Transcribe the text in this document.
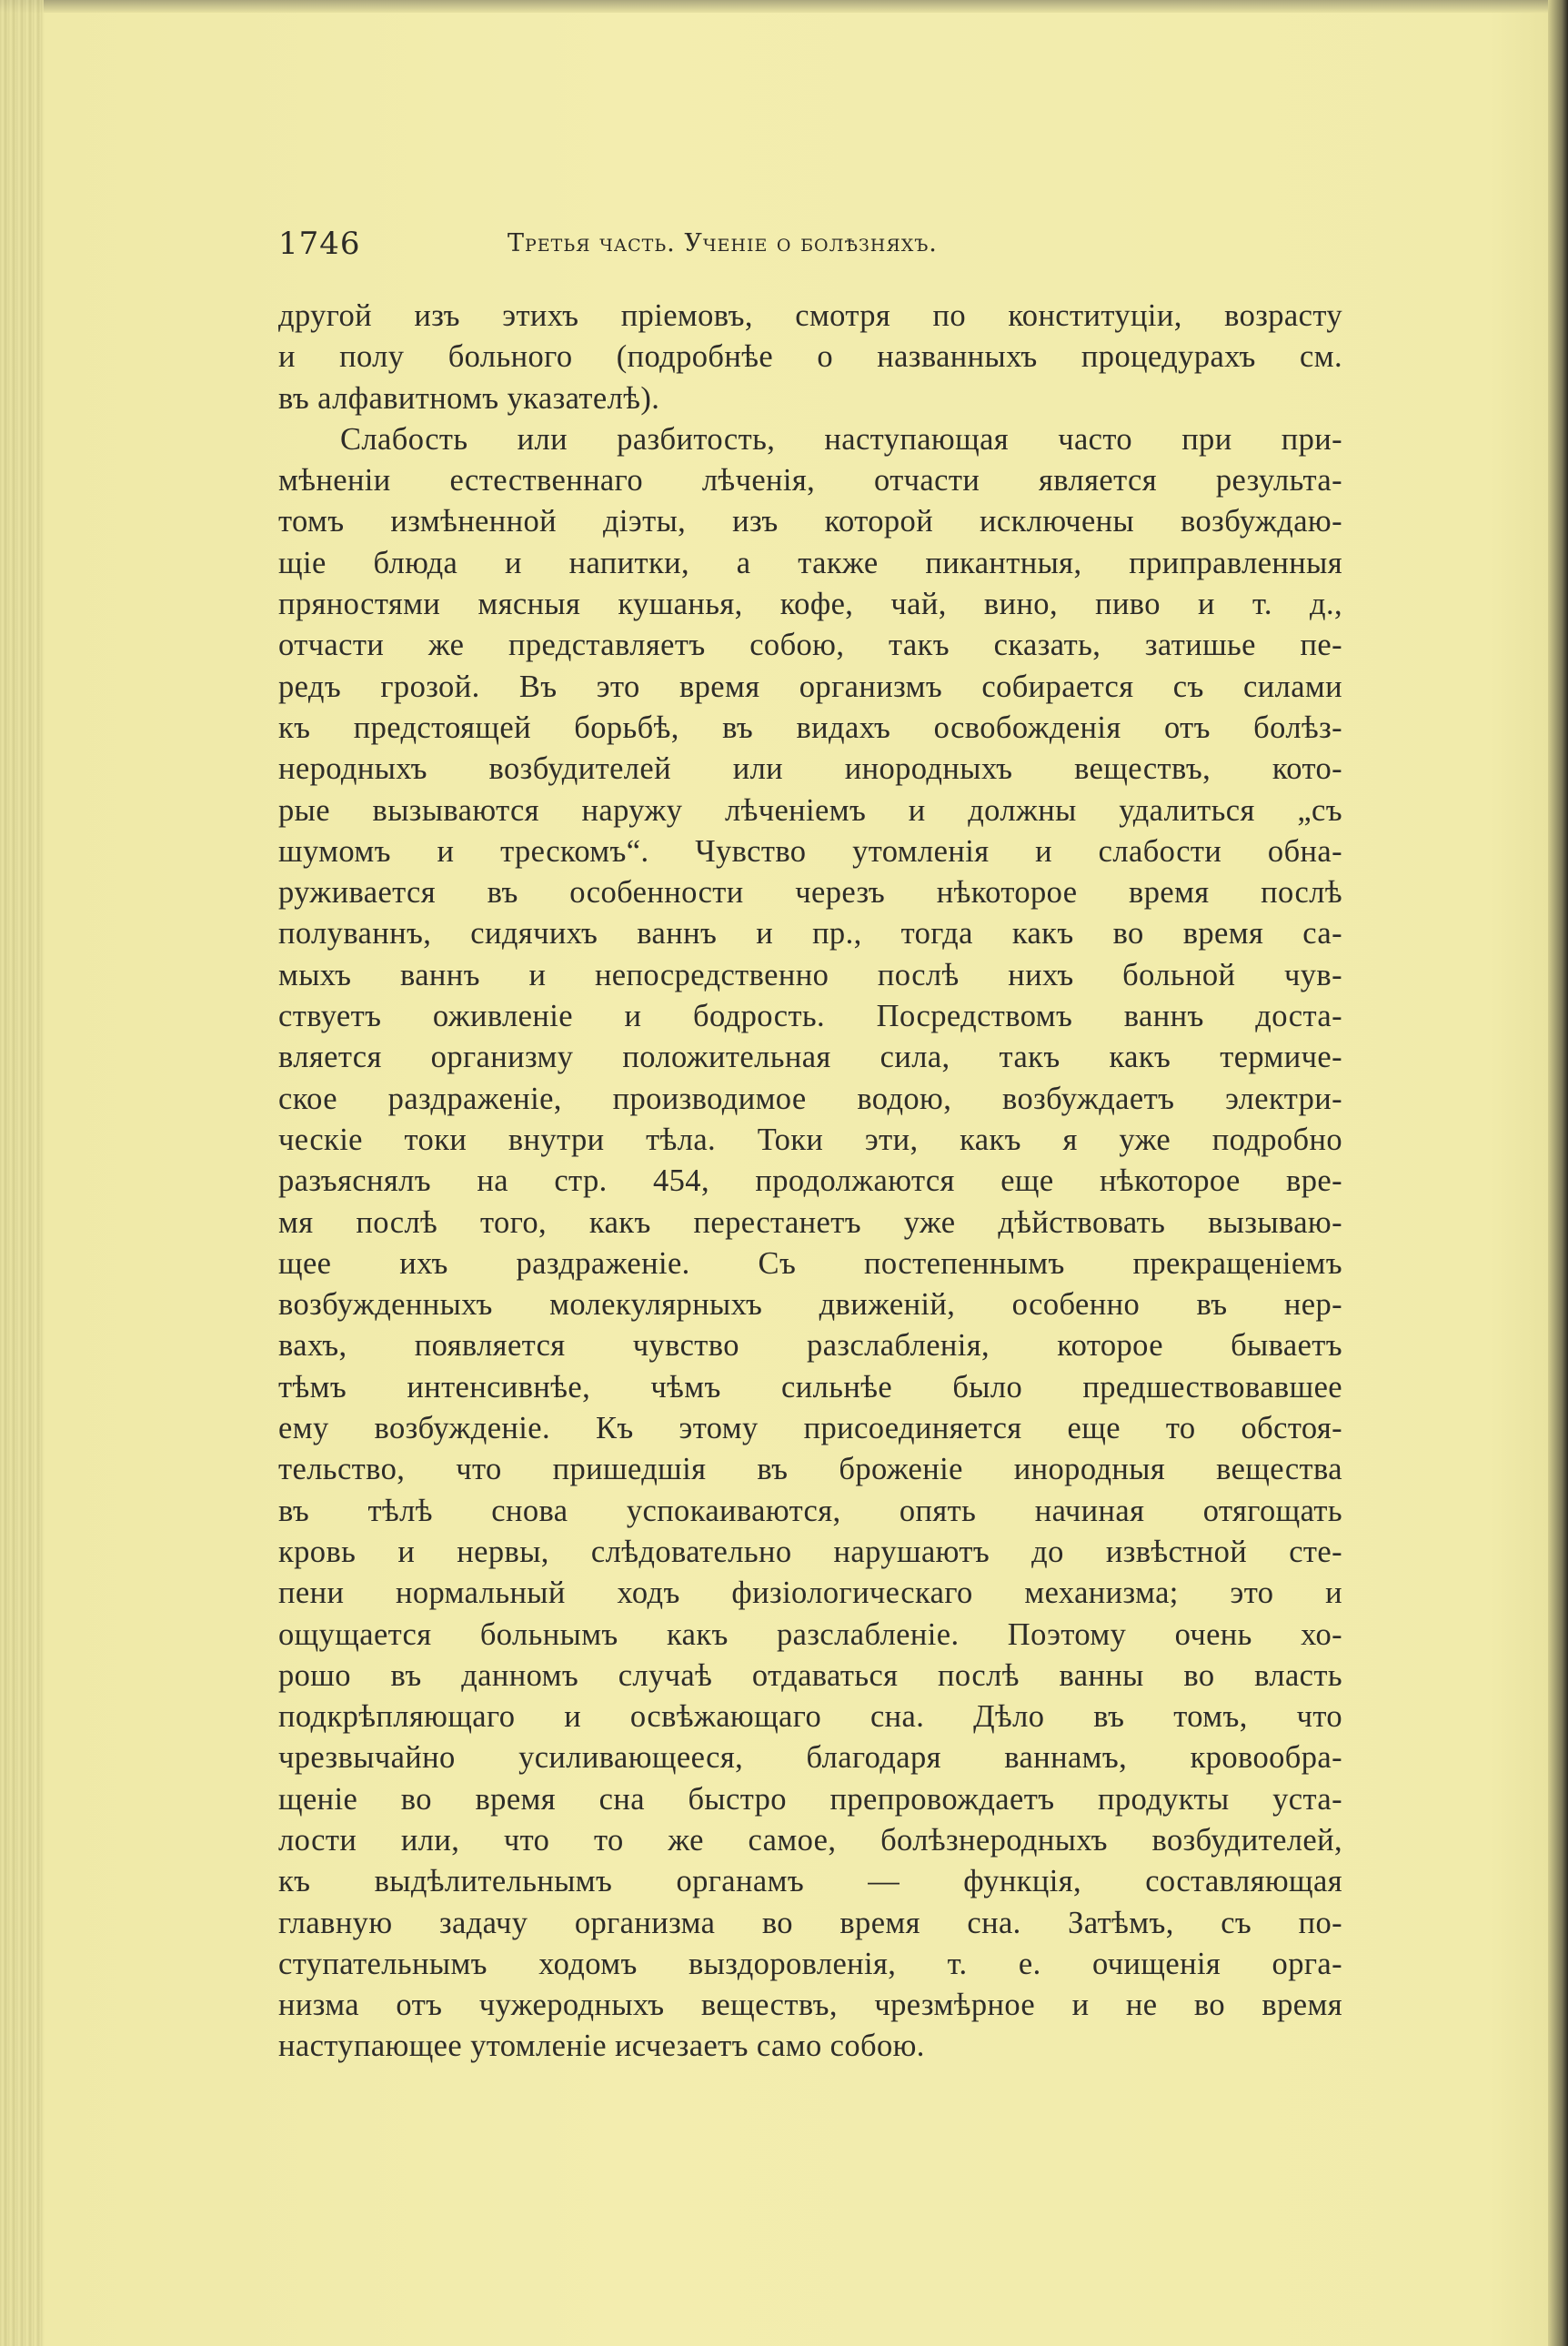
1746	Третья часть. Ученіе о болѣзняхъ.
другой изъ этихъ пріемовъ, смотря по конституціи, возрасту
и полу больного (подробнѣе о названныхъ процедурахъ см.
въ алфавитномъ указателѣ).
Слабость или разбитость, наступающая часто при при-
мѣненіи естественнаго лѣченія, отчасти является результа-
томъ измѣненной діэты, изъ которой исключены возбуждаю-
щіе блюда и напитки, а также пикантныя, приправленныя
пряностями мясныя кушанья, кофе, чай, вино, пиво и т. д.,
отчасти же представляетъ собою, такъ сказать, затишье пе-
редъ грозой. Въ это время организмъ собирается съ силами
къ предстоящей борьбѣ, въ видахъ освобожденія отъ болѣз-
неродныхъ возбудителей или инородныхъ веществъ, кото-
рые вызываются наружу лѣченіемъ и должны удалиться „съ
шумомъ и трескомъ“. Чувство утомленія и слабости обна-
руживается въ особенности черезъ нѣкоторое время послѣ
полуваннъ, сидячихъ ваннъ и пр., тогда какъ во время са-
мыхъ ваннъ и непосредственно послѣ нихъ больной чув-
ствуетъ оживленіе и бодрость. Посредствомъ ваннъ доста-
вляется организму положительная сила, такъ какъ термиче-
ское раздраженіе, производимое водою, возбуждаетъ электри-
ческіе токи внутри тѣла. Токи эти, какъ я уже подробно
разъяснялъ на стр. 454, продолжаются еще нѣкоторое вре-
мя послѣ того, какъ перестанетъ уже дѣйствовать вызываю-
щее ихъ раздраженіе. Съ постепеннымъ прекращеніемъ
возбужденныхъ молекулярныхъ движеній, особенно въ нер-
вахъ, появляется чувство разслабленія, которое бываетъ
тѣмъ интенсивнѣе, чѣмъ сильнѣе было предшествовавшее
ему возбужденіе. Къ этому присоединяется еще то обстоя-
тельство, что пришедшія въ броженіе инородныя вещества
въ тѣлѣ снова успокаиваются, опять начиная отягощать
кровь и нервы, слѣдовательно нарушаютъ до извѣстной сте-
пени нормальный ходъ физіологическаго механизма; это и
ощущается больнымъ какъ разслабленіе. Поэтому очень хо-
рошо въ данномъ случаѣ отдаваться послѣ ванны во власть
подкрѣпляющаго и освѣжающаго сна. Дѣло въ томъ, что
чрезвычайно усиливающееся, благодаря ваннамъ, кровообра-
щеніе во время сна быстро препровождаетъ продукты уста-
лости или, что то же самое, болѣзнеродныхъ возбудителей,
къ выдѣлительнымъ органамъ — функція, составляющая
главную задачу организма во время сна. Затѣмъ, съ по-
ступательнымъ ходомъ выздоровленія, т. е. очищенія орга-
низма отъ чужеродныхъ веществъ, чрезмѣрное и не во время
наступающее утомленіе исчезаетъ само собою.
